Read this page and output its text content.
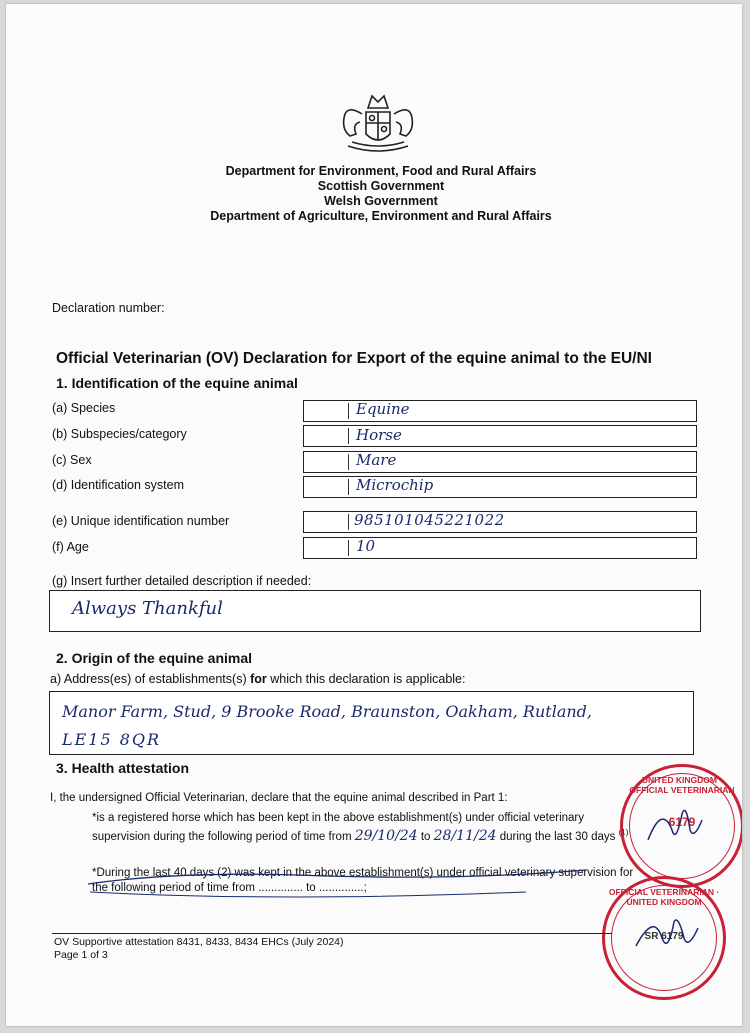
Department for Environment, Food and Rural Affairs
Scottish Government
Welsh Government
Department of Agriculture, Environment and Rural Affairs
Declaration number:
Official Veterinarian (OV) Declaration for Export of the equine animal to the EU/NI
1. Identification of the equine animal
(a) Species	Equine
(b) Subspecies/category	Horse
(c) Sex	Mare
(d) Identification system	Microchip
(e) Unique identification number	985101045221022
(f) Age	10
(g) Insert further detailed description if needed:
Always Thankful
2. Origin of the equine animal
a) Address(es) of establishments(s) for which this declaration is applicable:
Manor Farm, Stud, 9 Brooke Road, Braunston, Oakham, Rutland,
LE15 8QR
3. Health attestation
I, the undersigned Official Veterinarian, declare that the equine animal described in Part 1:
*is a registered horse which has been kept in the above establishment(s) under official veterinary
supervision during the following period of time from 29/10/24 to 28/11/24 during the last 30 days $^{(1)}$
*During the last 40 days (2) was kept in the above establishment(s) under official veterinary supervision for
the following period of time from .............. to ..............;
UNITED KINGDOM · OFFICIAL VETERINARIAN
6179
OFFICIAL VETERINARIAN · UNITED KINGDOM
SR 6179
OV Supportive attestation 8431, 8433, 8434 EHCs (July 2024)
Page 1 of 3
